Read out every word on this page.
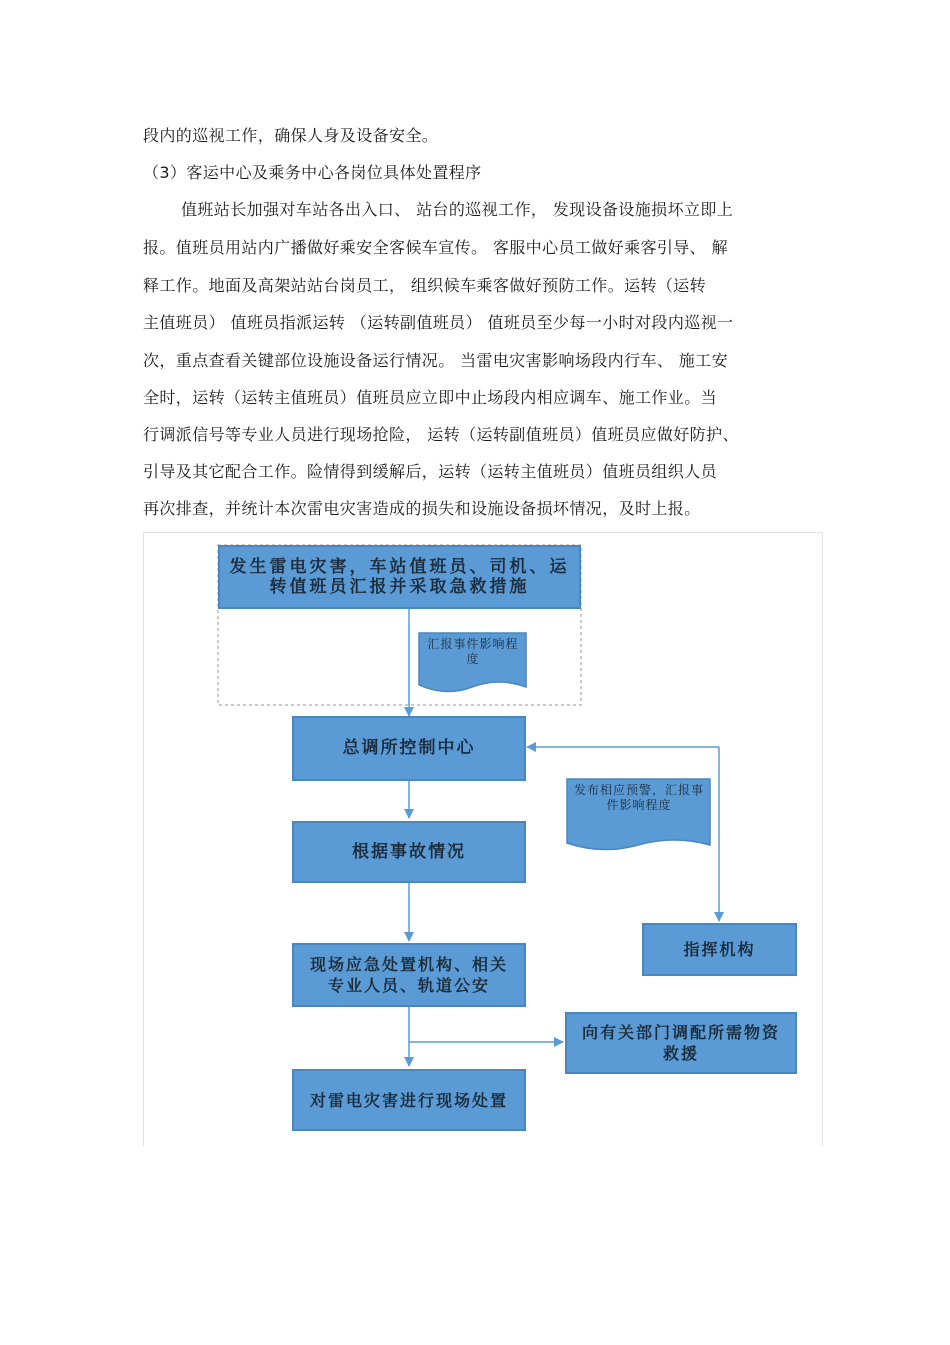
段内的巡视工作，确保人身及设备安全。
（3）客运中心及乘务中心各岗位具体处置程序
值班站长加强对车站各出入口、 站台的巡视工作， 发现设备设施损坏立即上
报。值班员用站内广播做好乘安全客候车宣传。 客服中心员工做好乘客引导、 解
释工作。地面及高架站站台岗员工， 组织候车乘客做好预防工作。运转（运转
主值班员） 值班员指派运转 （运转副值班员） 值班员至少每一小时对段内巡视一
次，重点查看关键部位设施设备运行情况。 当雷电灾害影响场段内行车、 施工安
全时，运转（运转主值班员）值班员应立即中止场段内相应调车、施工作业。当
行调派信号等专业人员进行现场抢险， 运转（运转副值班员）值班员应做好防护、
引导及其它配合工作。险情得到缓解后，运转（运转主值班员）值班员组织人员
再次排查，并统计本次雷电灾害造成的损失和设施设备损坏情况，及时上报。
发生雷电灾害，车站值班员、司机、运转值班员汇报并采取急救措施
汇报事件影响程度
总调所控制中心
根据事故情况
现场应急处置机构、相关专业人员、轨道公安
对雷电灾害进行现场处置
发布相应预警，汇报事件影响程度
指挥机构
向有关部门调配所需物资救援
